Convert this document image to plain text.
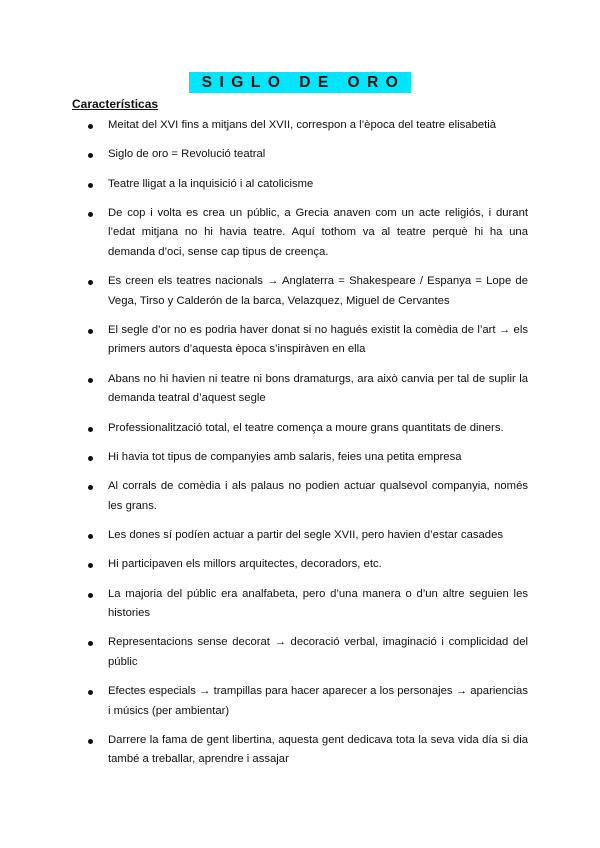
SIGLO DE ORO
Características
Meitat del XVI fins a mitjans del XVII, correspon a l’època del teatre elisabetià
Siglo de oro = Revolució teatral
Teatre lligat a la inquisició i al catolicisme
De cop i volta es crea un públic, a Grecia anaven com un acte religiós, i durant l’edat mitjana no hi havia teatre. Aquí tothom va al teatre perquè hi ha una demanda d’oci, sense cap tipus de creença.
Es creen els teatres nacionals → Anglaterra = Shakespeare / Espanya = Lope de Vega, Tirso y Calderón de la barca, Velazquez, Miguel de Cervantes
El segle d’or no es podria haver donat si no hagués existit la comèdia de l’art → els primers autors d’aquesta època s’inspiràven en ella
Abans no hi havien ni teatre ni bons dramaturgs, ara això canvia per tal de suplir la demanda teatral d’aquest segle
Professionalització total, el teatre comença a moure grans quantitats de diners.
Hi havia tot tipus de companyies amb salaris, feies una petita empresa
Al corrals de comèdia i als palaus no podien actuar qualsevol companyia, només les grans.
Les dones sí podíen actuar a partir del segle XVII, pero havien d’estar casades
Hi participaven els millors arquitectes, decoradors, etc.
La majoria del públic era analfabeta, pero d’una manera o d’un altre seguien les histories
Representacions sense decorat → decoració verbal, imaginació i complicidad del públic
Efectes especials → trampillas para hacer aparecer a los personajes → apariencias i músics (per ambientar)
Darrere la fama de gent libertina, aquesta gent dedicava tota la seva vida día si dia també a treballar, aprendre i assajar
